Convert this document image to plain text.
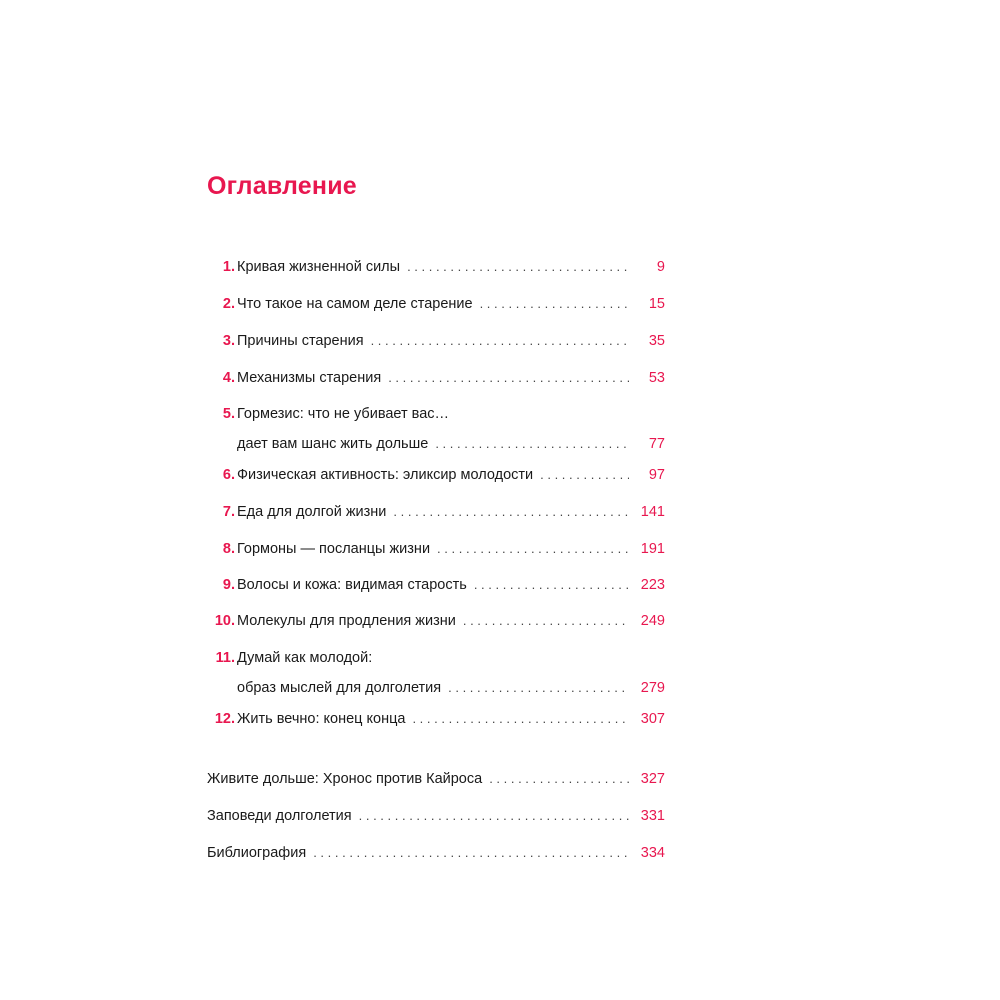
Оглавление
1. Кривая жизненной силы . . .	9
2. Что такое на самом деле старение . . .	15
3. Причины старения . . .	35
4. Механизмы старения . . .	53
5. Гормезис: что не убивает вас…
дает вам шанс жить дольше . . .	77
6. Физическая активность: эликсир молодости . . .	97
7. Еда для долгой жизни . . .	141
8. Гормоны — посланцы жизни . . .	191
9. Волосы и кожа: видимая старость . . .	223
10. Молекулы для продления жизни . . .	249
11. Думай как молодой:
образ мыслей для долголетия . . .	279
12. Жить вечно: конец конца . . .	307
Живите дольше: Хронос против Кайроса . . .	327
Заповеди долголетия . . .	331
Библиография . . .	334
